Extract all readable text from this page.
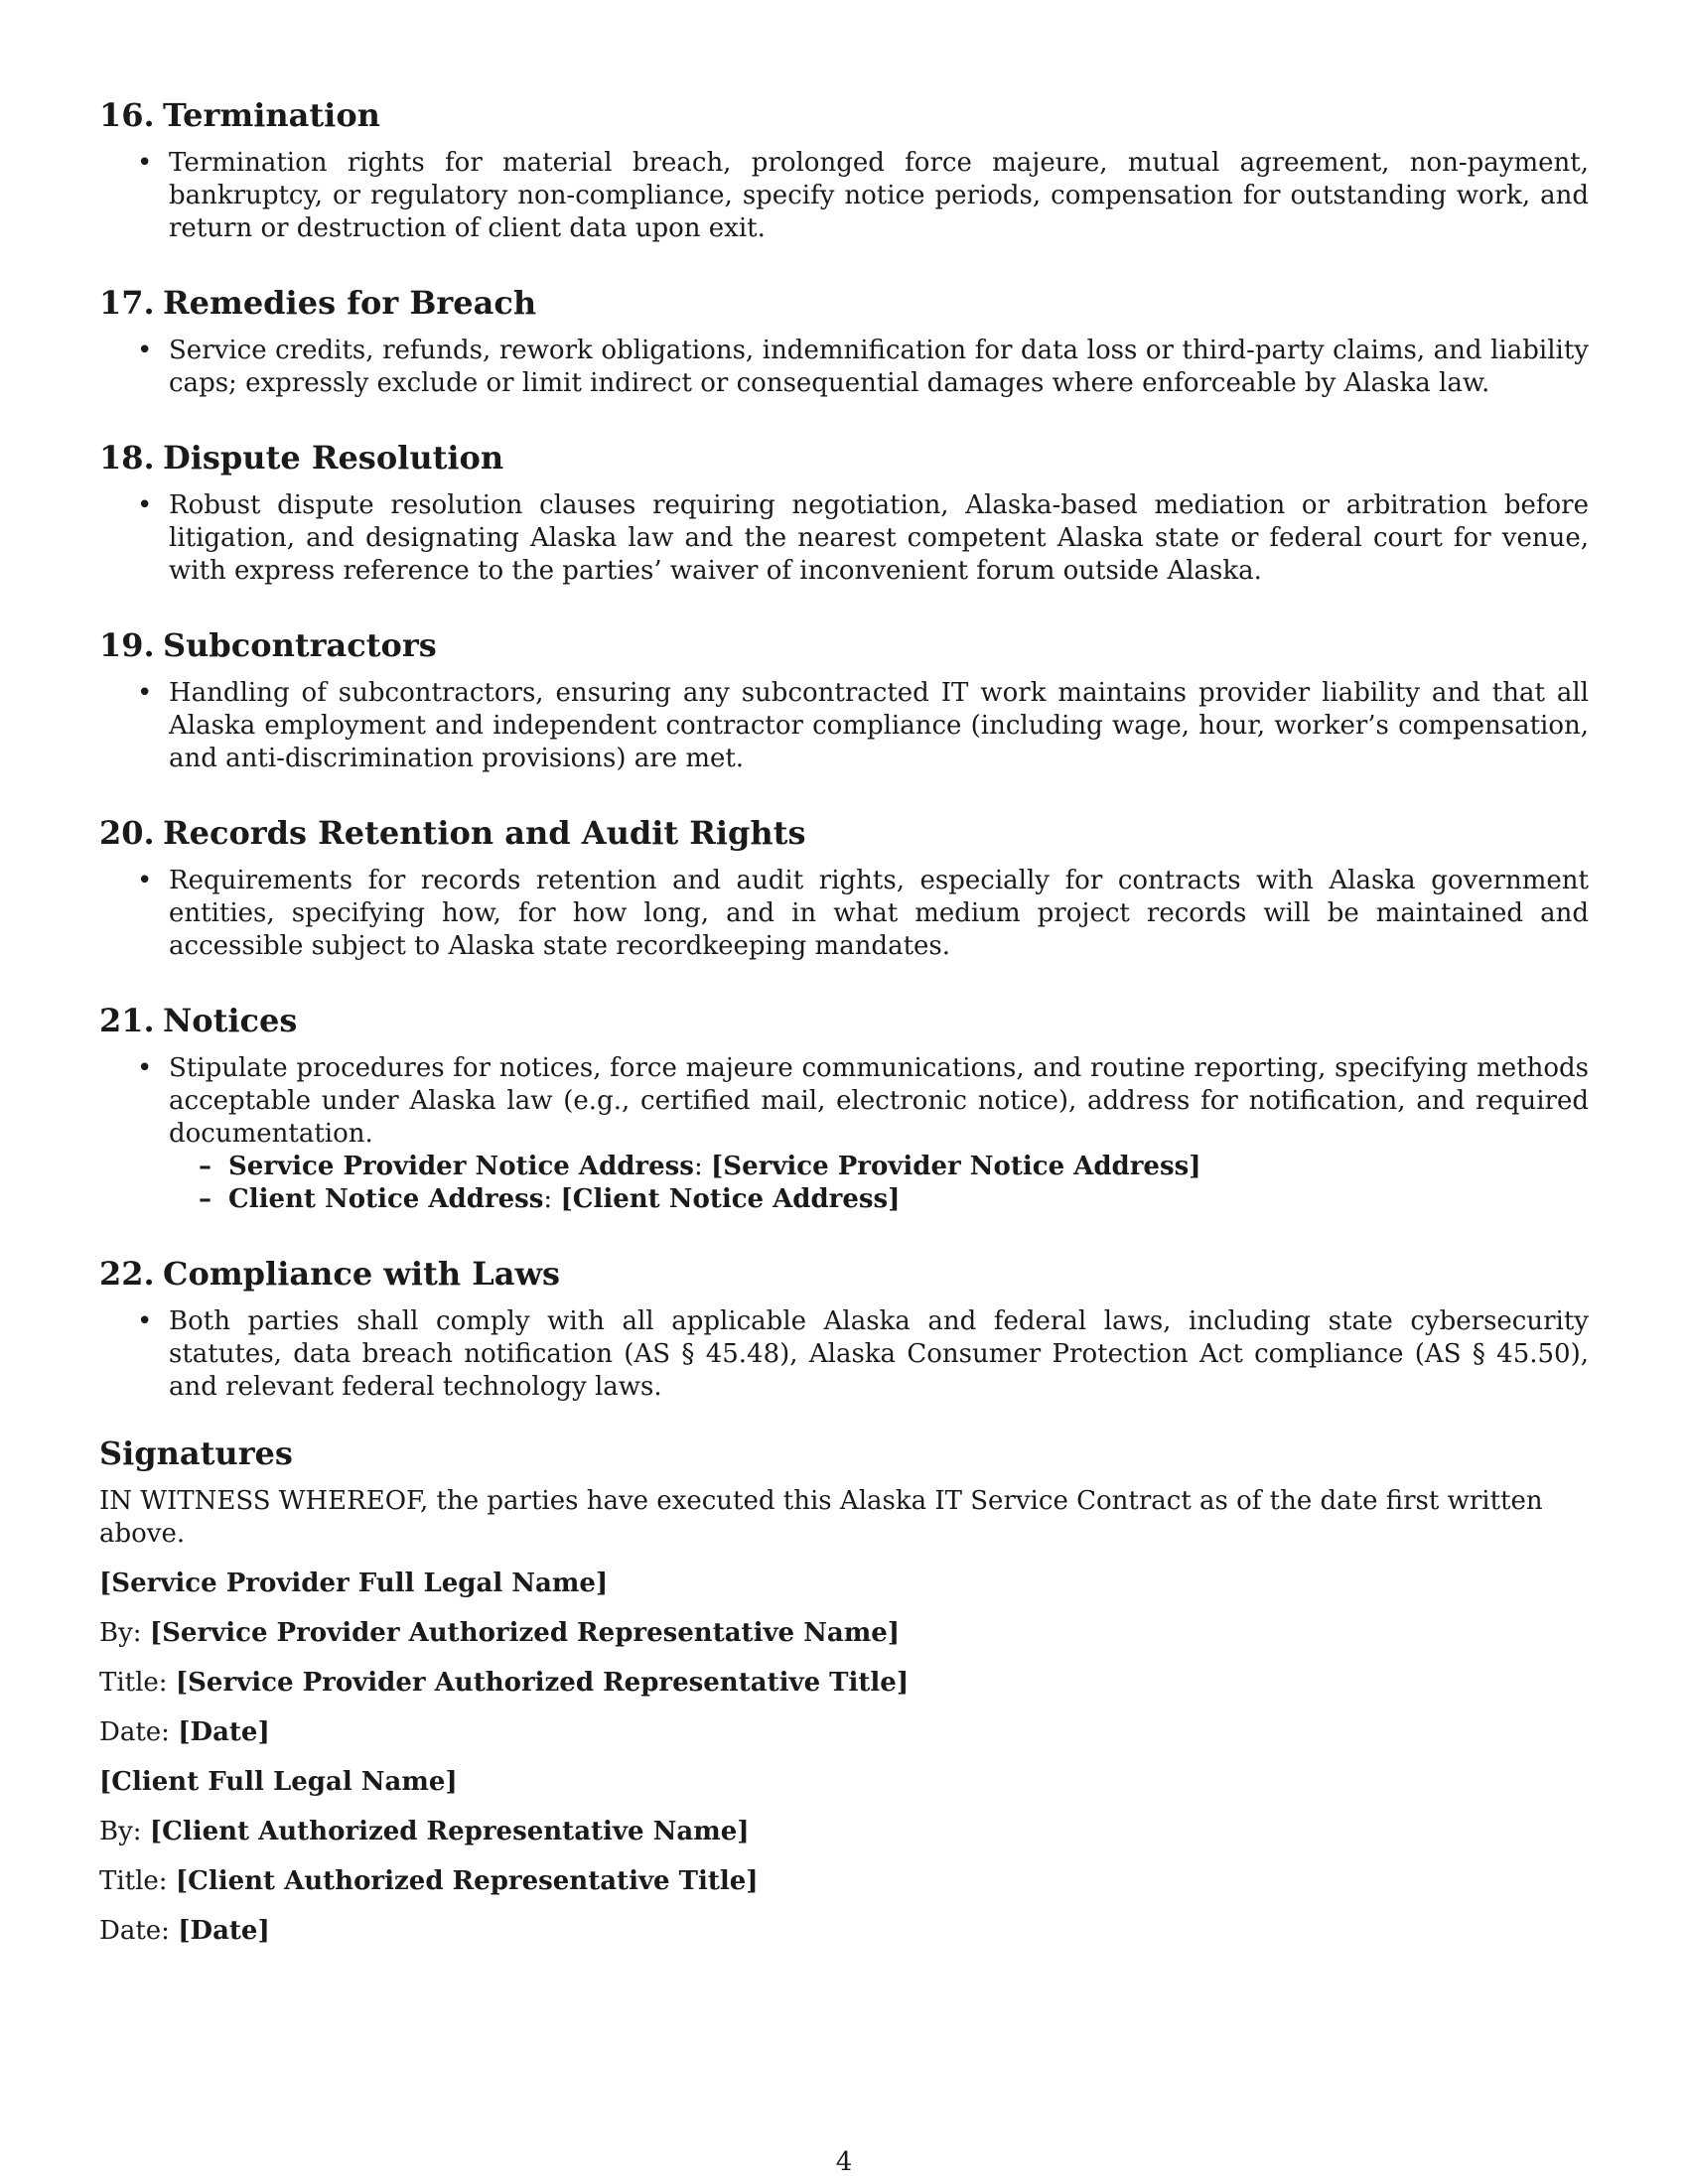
16. Termination
• Termination rights for material breach, prolonged force majeure, mutual agreement, non-payment, bankruptcy, or regulatory non-compliance, specify notice periods, compensation for outstanding work, and return or destruction of client data upon exit.
17. Remedies for Breach
• Service credits, refunds, rework obligations, indemnification for data loss or third-party claims, and liability caps; expressly exclude or limit indirect or consequential damages where enforceable by Alaska law.
18. Dispute Resolution
• Robust dispute resolution clauses requiring negotiation, Alaska-based mediation or arbitration before litigation, and designating Alaska law and the nearest competent Alaska state or federal court for venue, with express reference to the parties’ waiver of inconvenient forum outside Alaska.
19. Subcontractors
• Handling of subcontractors, ensuring any subcontracted IT work maintains provider liability and that all Alaska employment and independent contractor compliance (including wage, hour, worker’s compensation, and anti-discrimination provisions) are met.
20. Records Retention and Audit Rights
• Requirements for records retention and audit rights, especially for contracts with Alaska government entities, specifying how, for how long, and in what medium project records will be maintained and accessible subject to Alaska state recordkeeping mandates.
21. Notices
• Stipulate procedures for notices, force majeure communications, and routine reporting, specifying methods acceptable under Alaska law (e.g., certified mail, electronic notice), address for notification, and required documentation.
– Service Provider Notice Address: [Service Provider Notice Address]
– Client Notice Address: [Client Notice Address]
22. Compliance with Laws
• Both parties shall comply with all applicable Alaska and federal laws, including state cybersecurity statutes, data breach notification (AS § 45.48), Alaska Consumer Protection Act compliance (AS § 45.50), and relevant federal technology laws.
Signatures

IN WITNESS WHEREOF, the parties have executed this Alaska IT Service Contract as of the date first written above.

[Service Provider Full Legal Name]

By: [Service Provider Authorized Representative Name]

Title: [Service Provider Authorized Representative Title]

Date: [Date]

[Client Full Legal Name]

By: [Client Authorized Representative Name]

Title: [Client Authorized Representative Title]

Date: [Date]

4
